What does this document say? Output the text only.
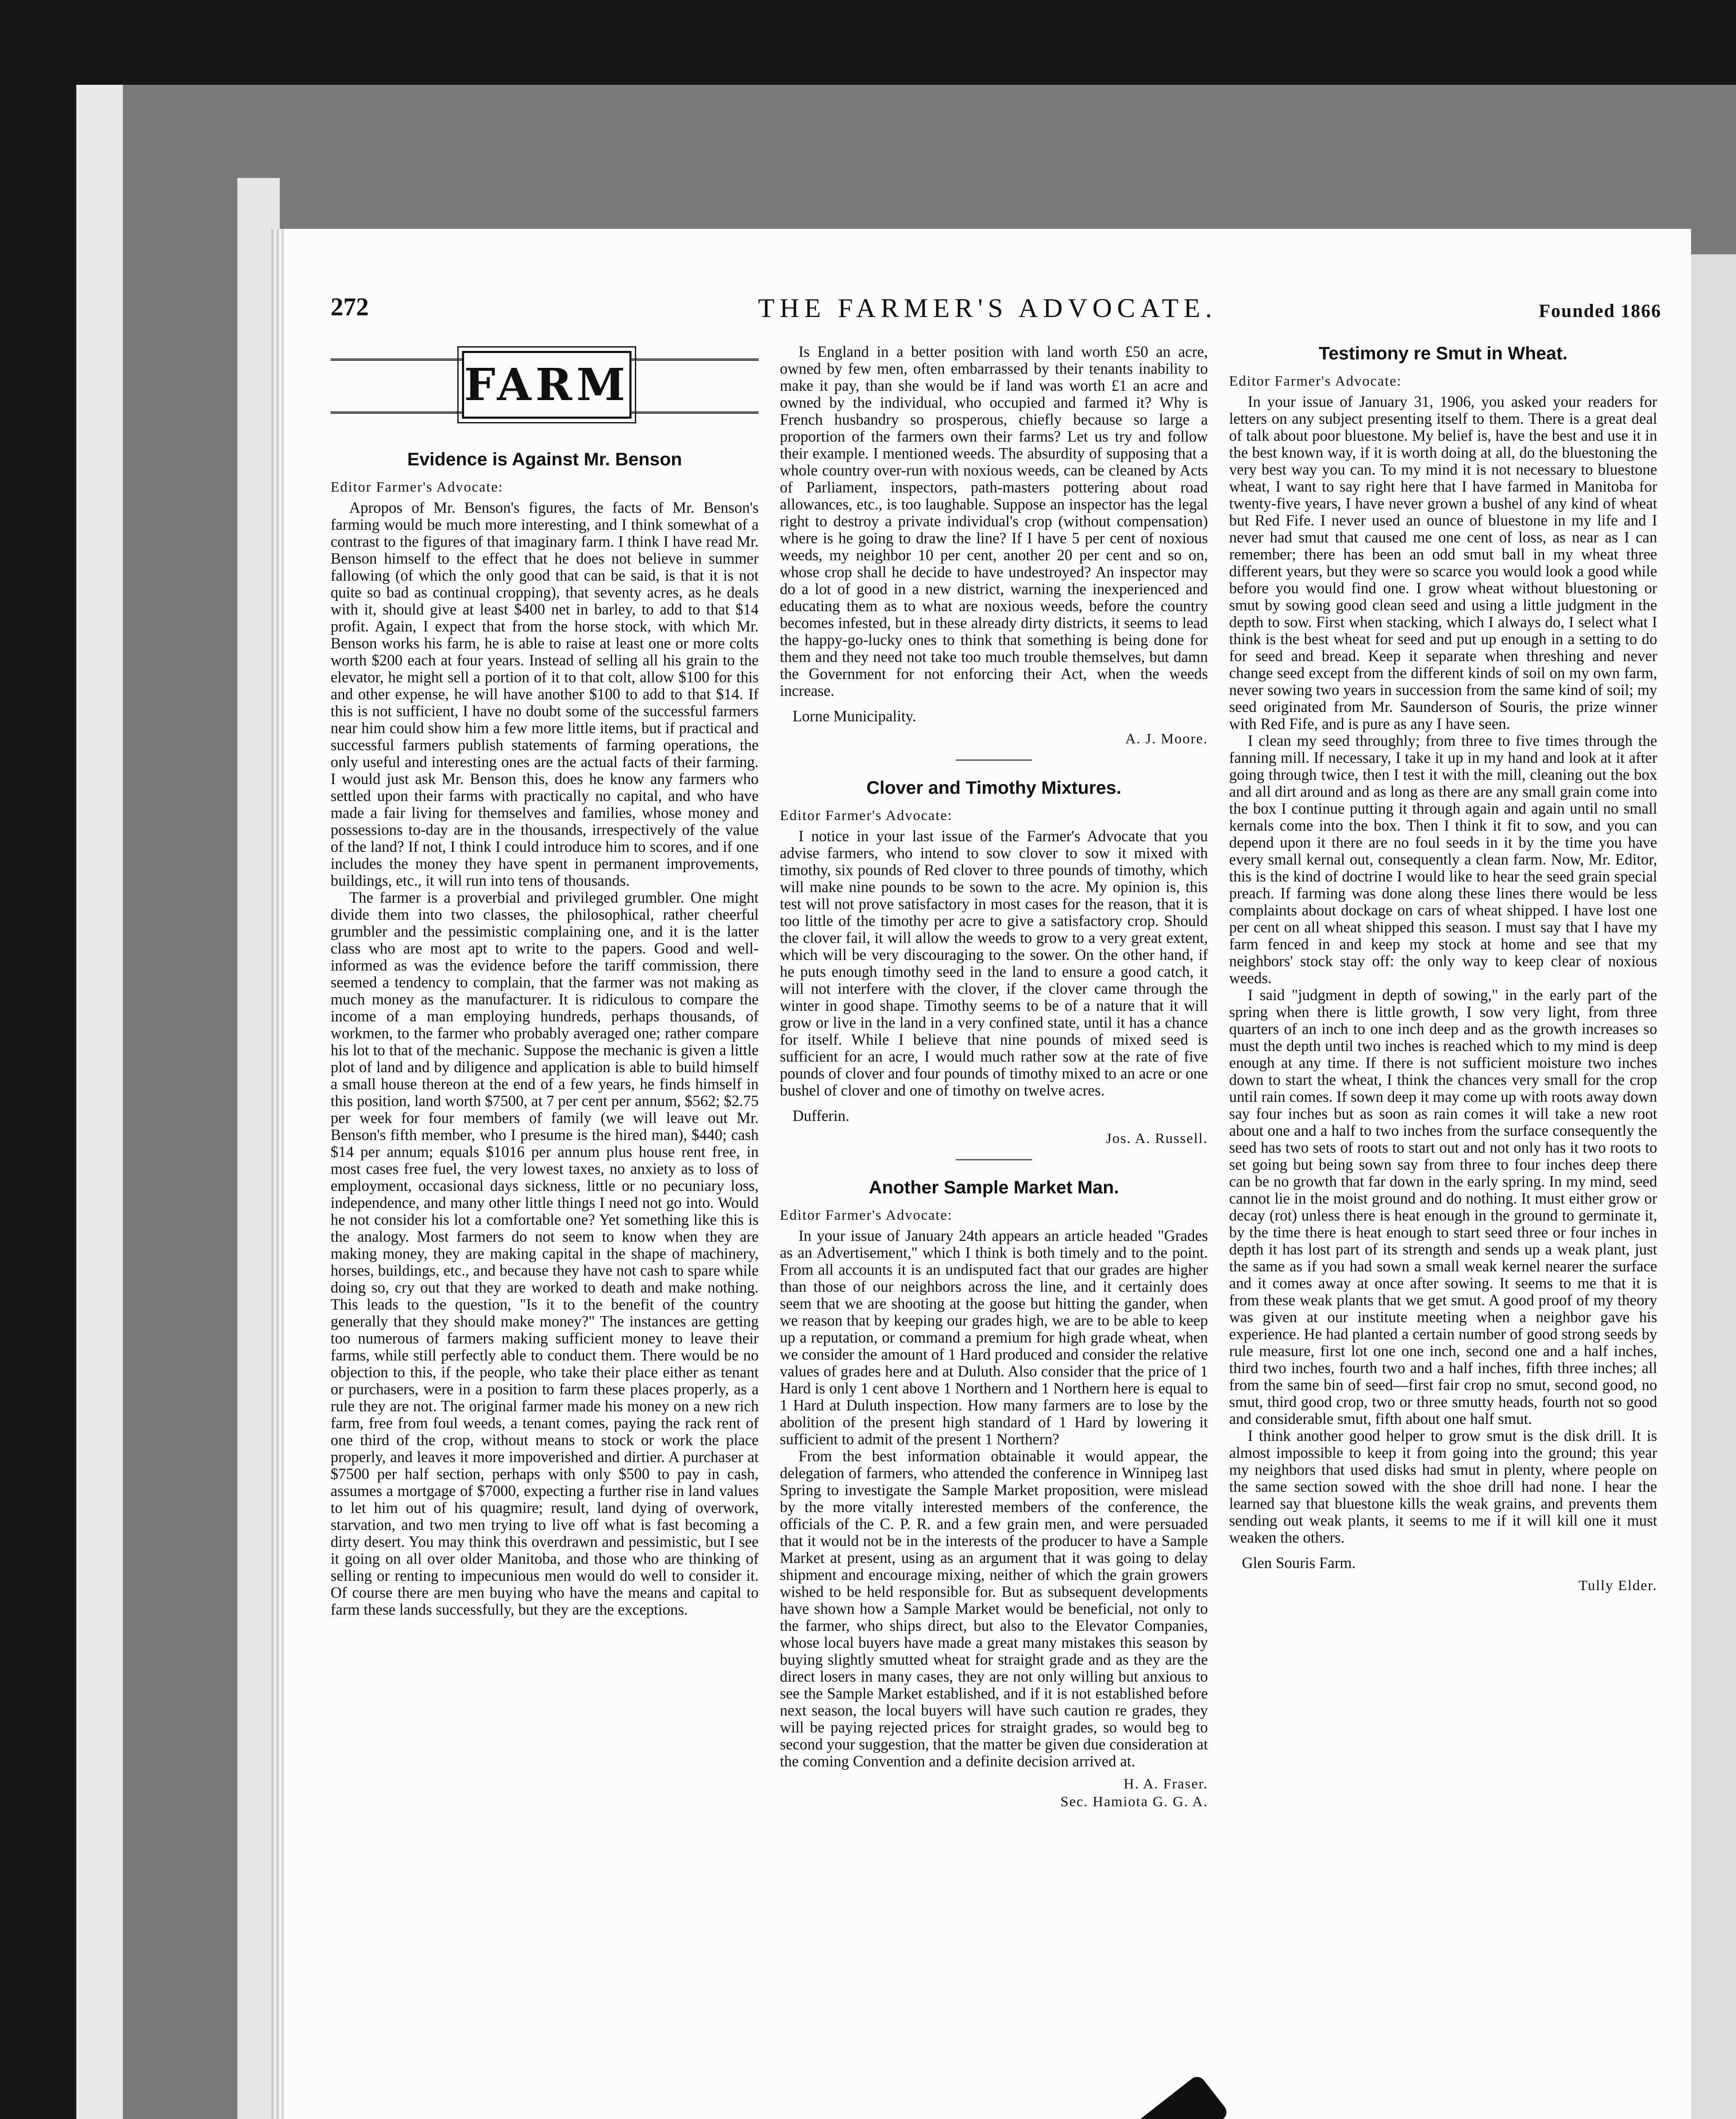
272	THE FARMER'S ADVOCATE.	Founded 1866
FARM

Evidence is Against Mr. Benson

Editor Farmer's Advocate:

Apropos of Mr. Benson's figures, the facts of Mr. Benson's farming would be much more interesting, and I think somewhat of a contrast to the figures of that imaginary farm. I think I have read Mr. Benson himself to the effect that he does not believe in summer fallowing (of which the only good that can be said, is that it is not quite so bad as continual cropping), that seventy acres, as he deals with it, should give at least $400 net in barley, to add to that $14 profit. Again, I expect that from the horse stock, with which Mr. Benson works his farm, he is able to raise at least one or more colts worth $200 each at four years. Instead of selling all his grain to the elevator, he might sell a portion of it to that colt, allow $100 for this and other expense, he will have another $100 to add to that $14. If this is not sufficient, I have no doubt some of the successful farmers near him could show him a few more little items, but if practical and successful farmers publish statements of farming operations, the only useful and interesting ones are the actual facts of their farming. I would just ask Mr. Benson this, does he know any farmers who settled upon their farms with practically no capital, and who have made a fair living for themselves and families, whose money and possessions to-day are in the thousands, irrespectively of the value of the land? If not, I think I could introduce him to scores, and if one includes the money they have spent in permanent improvements, buildings, etc., it will run into tens of thousands.

The farmer is a proverbial and privileged grumbler. One might divide them into two classes, the philosophical, rather cheerful grumbler and the pessimistic complaining one, and it is the latter class who are most apt to write to the papers. Good and well-informed as was the evidence before the tariff commission, there seemed a tendency to complain, that the farmer was not making as much money as the manufacturer. It is ridiculous to compare the income of a man employing hundreds, perhaps thousands, of workmen, to the farmer who probably averaged one; rather compare his lot to that of the mechanic. Suppose the mechanic is given a little plot of land and by diligence and application is able to build himself a small house thereon at the end of a few years, he finds himself in this position, land worth $7500, at 7 per cent per annum, $562; $2.75 per week for four members of family (we will leave out Mr. Benson's fifth member, who I presume is the hired man), $440; cash $14 per annum; equals $1016 per annum plus house rent free, in most cases free fuel, the very lowest taxes, no anxiety as to loss of employment, occasional days sickness, little or no pecuniary loss, independence, and many other little things I need not go into. Would he not consider his lot a comfortable one? Yet something like this is the analogy. Most farmers do not seem to know when they are making money, they are making capital in the shape of machinery, horses, buildings, etc., and because they have not cash to spare while doing so, cry out that they are worked to death and make nothing. This leads to the question, "Is it to the benefit of the country generally that they should make money?" The instances are getting too numerous of farmers making sufficient money to leave their farms, while still perfectly able to conduct them. There would be no objection to this, if the people, who take their place either as tenant or purchasers, were in a position to farm these places properly, as a rule they are not. The original farmer made his money on a new rich farm, free from foul weeds, a tenant comes, paying the rack rent of one third of the crop, without means to stock or work the place properly, and leaves it more impoverished and dirtier. A purchaser at $7500 per half section, perhaps with only $500 to pay in cash, assumes a mortgage of $7000, expecting a further rise in land values to let him out of his quagmire; result, land dying of overwork, starvation, and two men trying to live off what is fast becoming a dirty desert. You may think this overdrawn and pessimistic, but I see it going on all over older Manitoba, and those who are thinking of selling or renting to impecunious men would do well to consider it. Of course there are men buying who have the means and capital to farm these lands successfully, but they are the exceptions.

Is England in a better position with land worth £50 an acre, owned by few men, often embarrassed by their tenants inability to make it pay, than she would be if land was worth £1 an acre and owned by the individual, who occupied and farmed it? Why is French husbandry so prosperous, chiefly because so large a proportion of the farmers own their farms? Let us try and follow their example. I mentioned weeds. The absurdity of supposing that a whole country over-run with noxious weeds, can be cleaned by Acts of Parliament, inspectors, path-masters pottering about road allowances, etc., is too laughable. Suppose an inspector has the legal right to destroy a private individual's crop (without compensation) where is he going to draw the line? If I have 5 per cent of noxious weeds, my neighbor 10 per cent, another 20 per cent and so on, whose crop shall he decide to have undestroyed? An inspector may do a lot of good in a new district, warning the inexperienced and educating them as to what are noxious weeds, before the country becomes infested, but in these already dirty districts, it seems to lead the happy-go-lucky ones to think that something is being done for them and they need not take too much trouble themselves, but damn the Government for not enforcing their Act, when the weeds increase.

Lorne Municipality.

A. J. Moore.

Clover and Timothy Mixtures.

Editor Farmer's Advocate:

I notice in your last issue of the Farmer's Advocate that you advise farmers, who intend to sow clover to sow it mixed with timothy, six pounds of Red clover to three pounds of timothy, which will make nine pounds to be sown to the acre. My opinion is, this test will not prove satisfactory in most cases for the reason, that it is too little of the timothy per acre to give a satisfactory crop. Should the clover fail, it will allow the weeds to grow to a very great extent, which will be very discouraging to the sower. On the other hand, if he puts enough timothy seed in the land to ensure a good catch, it will not interfere with the clover, if the clover came through the winter in good shape. Timothy seems to be of a nature that it will grow or live in the land in a very confined state, until it has a chance for itself. While I believe that nine pounds of mixed seed is sufficient for an acre, I would much rather sow at the rate of five pounds of clover and four pounds of timothy mixed to an acre or one bushel of clover and one of timothy on twelve acres.

Dufferin.

Jos. A. Russell.

Another Sample Market Man.

Editor Farmer's Advocate:

In your issue of January 24th appears an article headed "Grades as an Advertisement," which I think is both timely and to the point. From all accounts it is an undisputed fact that our grades are higher than those of our neighbors across the line, and it certainly does seem that we are shooting at the goose but hitting the gander, when we reason that by keeping our grades high, we are to be able to keep up a reputation, or command a premium for high grade wheat, when we consider the amount of 1 Hard produced and consider the relative values of grades here and at Duluth. Also consider that the price of 1 Hard is only 1 cent above 1 Northern and 1 Northern here is equal to 1 Hard at Duluth inspection. How many farmers are to lose by the abolition of the present high standard of 1 Hard by lowering it sufficient to admit of the present 1 Northern?

From the best information obtainable it would appear, the delegation of farmers, who attended the conference in Winnipeg last Spring to investigate the Sample Market proposition, were mislead by the more vitally interested members of the conference, the officials of the C. P. R. and a few grain men, and were persuaded that it would not be in the interests of the producer to have a Sample Market at present, using as an argument that it was going to delay shipment and encourage mixing, neither of which the grain growers wished to be held responsible for. But as subsequent developments have shown how a Sample Market would be beneficial, not only to the farmer, who ships direct, but also to the Elevator Companies, whose local buyers have made a great many mistakes this season by buying slightly smutted wheat for straight grade and as they are the direct losers in many cases, they are not only willing but anxious to see the Sample Market established, and if it is not established before next season, the local buyers will have such caution re grades, they will be paying rejected prices for straight grades, so would beg to second your suggestion, that the matter be given due consideration at the coming Convention and a definite decision arrived at.

H. A. Fraser.

Sec. Hamiota G. G. A.

Testimony re Smut in Wheat.

Editor Farmer's Advocate:

In your issue of January 31, 1906, you asked your readers for letters on any subject presenting itself to them. There is a great deal of talk about poor bluestone. My belief is, have the best and use it in the best known way, if it is worth doing at all, do the bluestoning the very best way you can. To my mind it is not necessary to bluestone wheat, I want to say right here that I have farmed in Manitoba for twenty-five years, I have never grown a bushel of any kind of wheat but Red Fife. I never used an ounce of bluestone in my life and I never had smut that caused me one cent of loss, as near as I can remember; there has been an odd smut ball in my wheat three different years, but they were so scarce you would look a good while before you would find one. I grow wheat without bluestoning or smut by sowing good clean seed and using a little judgment in the depth to sow. First when stacking, which I always do, I select what I think is the best wheat for seed and put up enough in a setting to do for seed and bread. Keep it separate when threshing and never change seed except from the different kinds of soil on my own farm, never sowing two years in succession from the same kind of soil; my seed originated from Mr. Saunderson of Souris, the prize winner with Red Fife, and is pure as any I have seen.

I clean my seed throughly; from three to five times through the fanning mill. If necessary, I take it up in my hand and look at it after going through twice, then I test it with the mill, cleaning out the box and all dirt around and as long as there are any small grain come into the box I continue putting it through again and again until no small kernals come into the box. Then I think it fit to sow, and you can depend upon it there are no foul seeds in it by the time you have every small kernal out, consequently a clean farm. Now, Mr. Editor, this is the kind of doctrine I would like to hear the seed grain special preach. If farming was done along these lines there would be less complaints about dockage on cars of wheat shipped. I have lost one per cent on all wheat shipped this season. I must say that I have my farm fenced in and keep my stock at home and see that my neighbors' stock stay off: the only way to keep clear of noxious weeds.

I said "judgment in depth of sowing," in the early part of the spring when there is little growth, I sow very light, from three quarters of an inch to one inch deep and as the growth increases so must the depth until two inches is reached which to my mind is deep enough at any time. If there is not sufficient moisture two inches down to start the wheat, I think the chances very small for the crop until rain comes. If sown deep it may come up with roots away down say four inches but as soon as rain comes it will take a new root about one and a half to two inches from the surface consequently the seed has two sets of roots to start out and not only has it two roots to set going but being sown say from three to four inches deep there can be no growth that far down in the early spring. In my mind, seed cannot lie in the moist ground and do nothing. It must either grow or decay (rot) unless there is heat enough in the ground to germinate it, by the time there is heat enough to start seed three or four inches in depth it has lost part of its strength and sends up a weak plant, just the same as if you had sown a small weak kernel nearer the surface and it comes away at once after sowing. It seems to me that it is from these weak plants that we get smut. A good proof of my theory was given at our institute meeting when a neighbor gave his experience. He had planted a certain number of good strong seeds by rule measure, first lot one one inch, second one and a half inches, third two inches, fourth two and a half inches, fifth three inches; all from the same bin of seed—first fair crop no smut, second good, no smut, third good crop, two or three smutty heads, fourth not so good and considerable smut, fifth about one half smut.

I think another good helper to grow smut is the disk drill. It is almost impossible to keep it from going into the ground; this year my neighbors that used disks had smut in plenty, where people on the same section sowed with the shoe drill had none. I hear the learned say that bluestone kills the weak grains, and prevents them sending out weak plants, it seems to me if it will kill one it must weaken the others.

Glen Souris Farm.

Tully Elder.
